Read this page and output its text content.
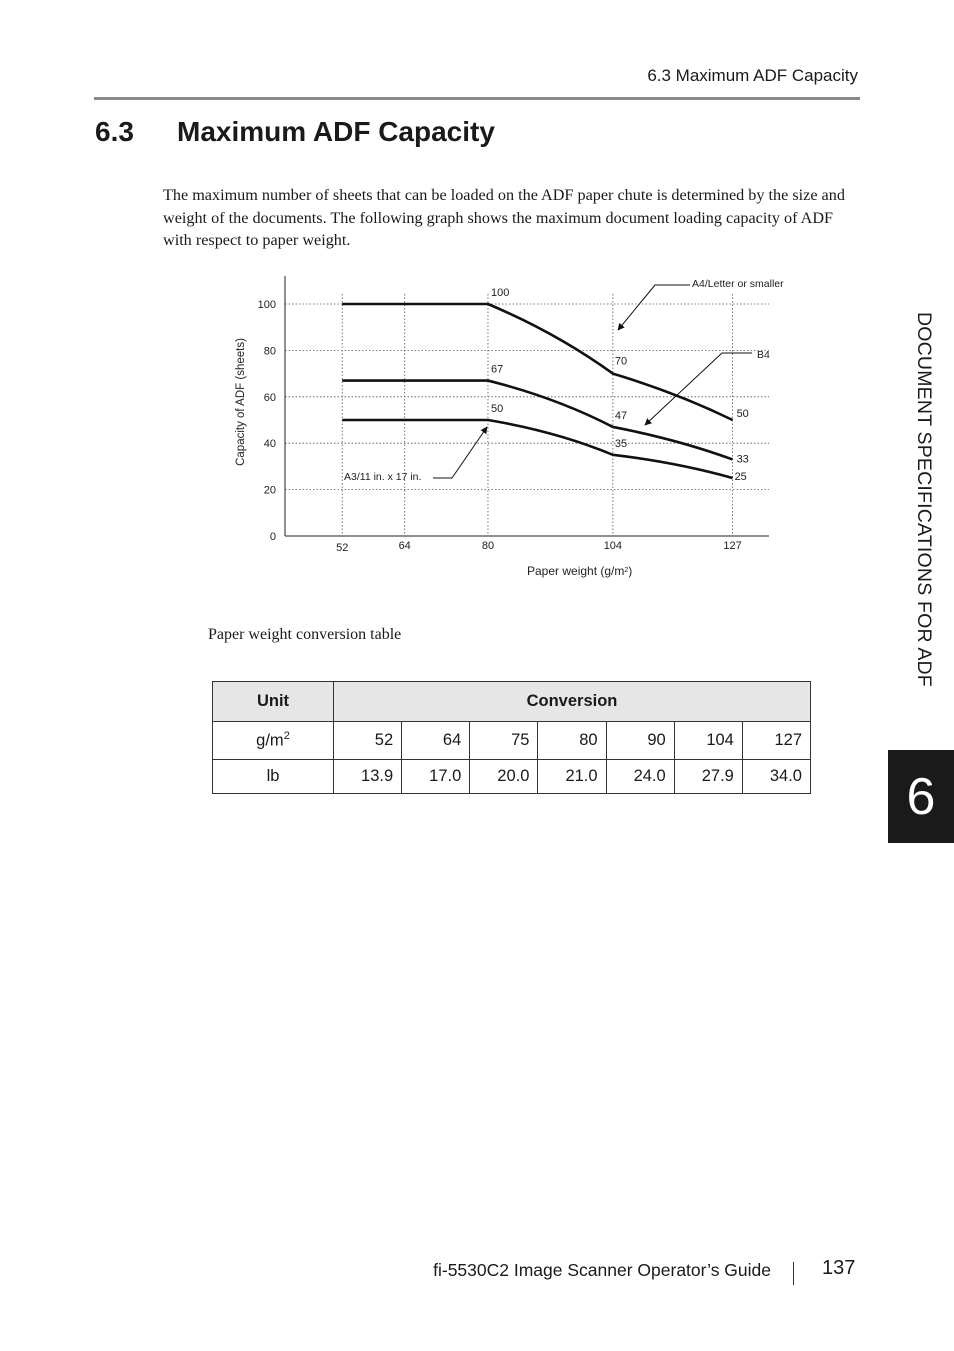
6.3 Maximum ADF Capacity
6.3 Maximum ADF Capacity

The maximum number of sheets that can be loaded on the ADF paper chute is determined by the size and weight of the documents. The following graph shows the maximum document loading capacity of ADF with respect to paper weight.

0
20
40
60
80
100
52	64	80	104	127
Paper weight $(g/m^2)$
Capacity of ADF (sheets)
100
70
50
67
47
33
50
35
25
A4/Letter or smaller
B4
A3/11 in. x 17 in.

Paper weight conversion table

Unit	Conversion						
$g/m^2$	52	64	75	80	90	104	127
lb	13.9	17.0	20.0	21.0	24.0	27.9	34.0
DOCUMENT SPECIFICATIONS FOR ADF
6
fi-5530C2 Image Scanner Operator’s Guide	137
